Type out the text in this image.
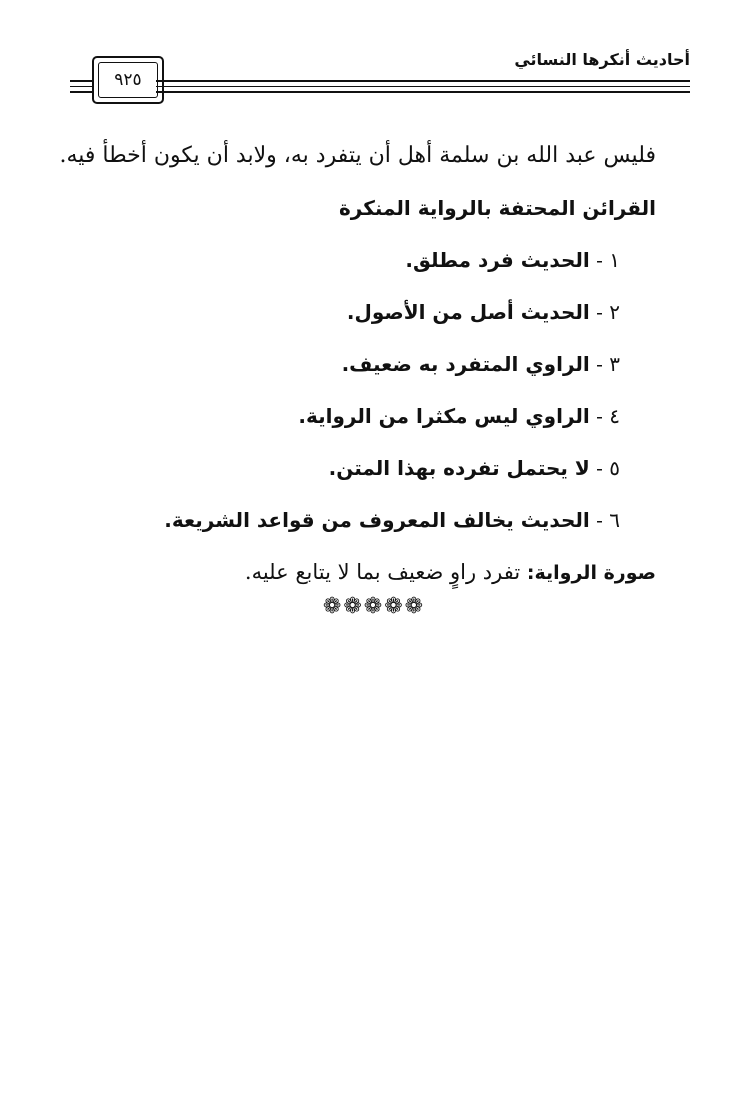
أحاديث أنكرها النسائي
٩٢٥
فليس عبد الله بن سلمة أهل أن يتفرد به، ولابد أن يكون أخطأ فيه.
القرائن المحتفة بالرواية المنكرة
١ - الحديث فرد مطلق.
٢ - الحديث أصل من الأصول.
٣ - الراوي المتفرد به ضعيف.
٤ - الراوي ليس مكثرا من الرواية.
٥ - لا يحتمل تفرده بهذا المتن.
٦ - الحديث يخالف المعروف من قواعد الشريعة.
صورة الرواية: تفرد راوٍ ضعيف بما لا يتابع عليه.
❁❁❁❁❁
